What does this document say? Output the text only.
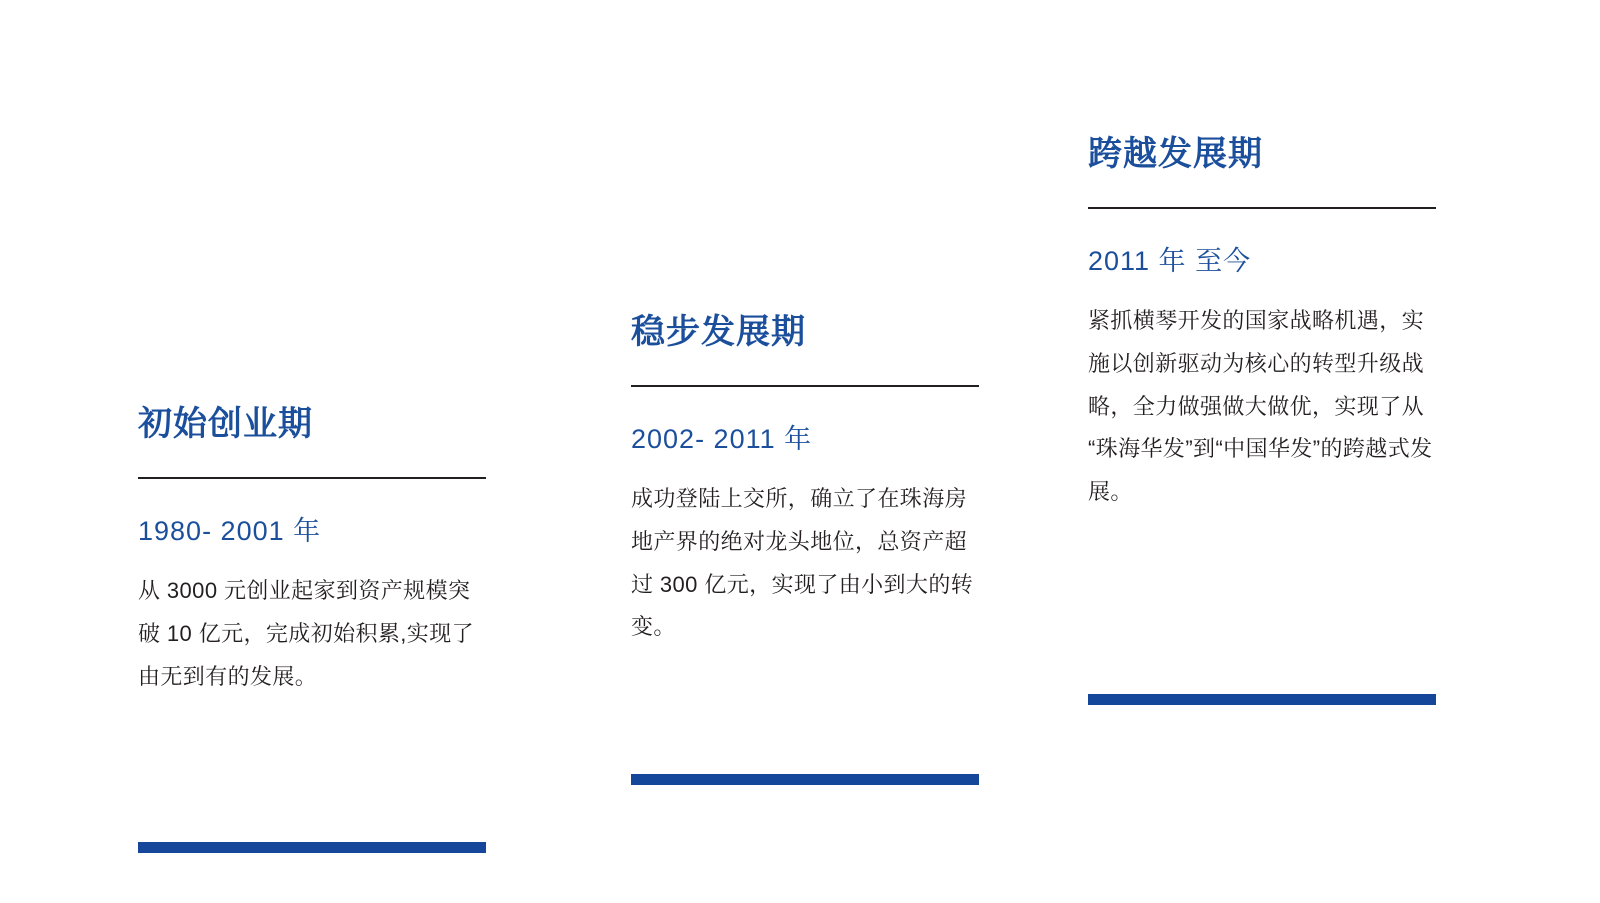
初始创业期

1980- 2001 年

从 3000 元创业起家到资产规模突破 10 亿元，完成初始积累,实现了由无到有的发展。

稳步发展期

2002- 2011 年

成功登陆上交所，确立了在珠海房地产界的绝对龙头地位，总资产超过 300 亿元，实现了由小到大的转变。

跨越发展期

2011 年 至今

紧抓横琴开发的国家战略机遇，实施以创新驱动为核心的转型升级战略，全力做强做大做优，实现了从“珠海华发”到“中国华发”的跨越式发展。
